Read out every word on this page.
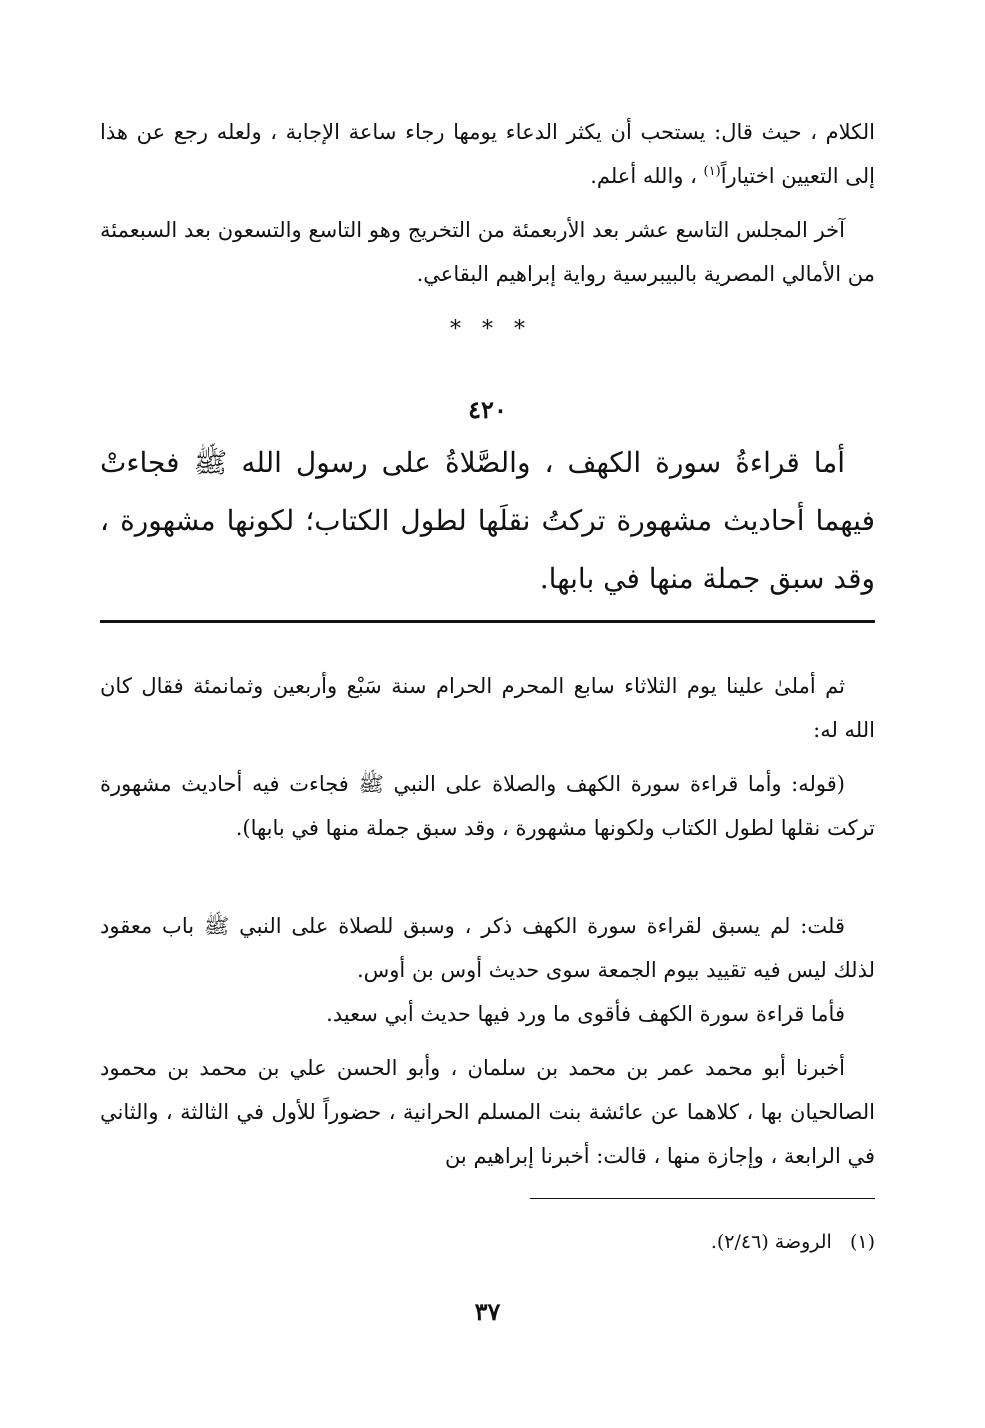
الكلام ، حيث قال: يستحب أن يكثر الدعاء يومها رجاء ساعة الإجابة ، ولعله رجع عن هذا إلى التعيين اختياراً$^{(١)}$ ، والله أعلم.

آخر المجلس التاسع عشر بعد الأربعمئة من التخريج وهو التاسع والتسعون بعد السبعمئة من الأمالي المصرية بالبيبرسية رواية إبراهيم البقاعي.

*   *   *
٤٢٠

أما قراءةُ سورة الكهف ، والصَّلاةُ على رسول الله ﷺ فجاءتْ فيهما أحاديث مشهورة تركتُ نقلَها لطول الكتاب؛ لكونها مشهورة ، وقد سبق جملة منها في بابها.

ثم أملىٰ علينا يوم الثلاثاء سابع المحرم الحرام سنة سَبْع وأربعين وثمانمئة فقال كان الله له:

(قوله: وأما قراءة سورة الكهف والصلاة على النبي ﷺ فجاءت فيه أحاديث مشهورة تركت نقلها لطول الكتاب ولكونها مشهورة ، وقد سبق جملة منها في بابها).

قلت: لم يسبق لقراءة سورة الكهف ذكر ، وسبق للصلاة على النبي ﷺ باب معقود لذلك ليس فيه تقييد بيوم الجمعة سوى حديث أوس بن أوس.

فأما قراءة سورة الكهف فأقوى ما ورد فيها حديث أبي سعيد.

أخبرنا أبو محمد عمر بن محمد بن سلمان ، وأبو الحسن علي بن محمد بن محمود الصالحيان بها ، كلاهما عن عائشة بنت المسلم الحرانية ، حضوراً للأول في الثالثة ، والثاني في الرابعة ، وإجازة منها ، قالت: أخبرنا إبراهيم بن

(١)   الروضة (٢/٤٦).
٣٧
